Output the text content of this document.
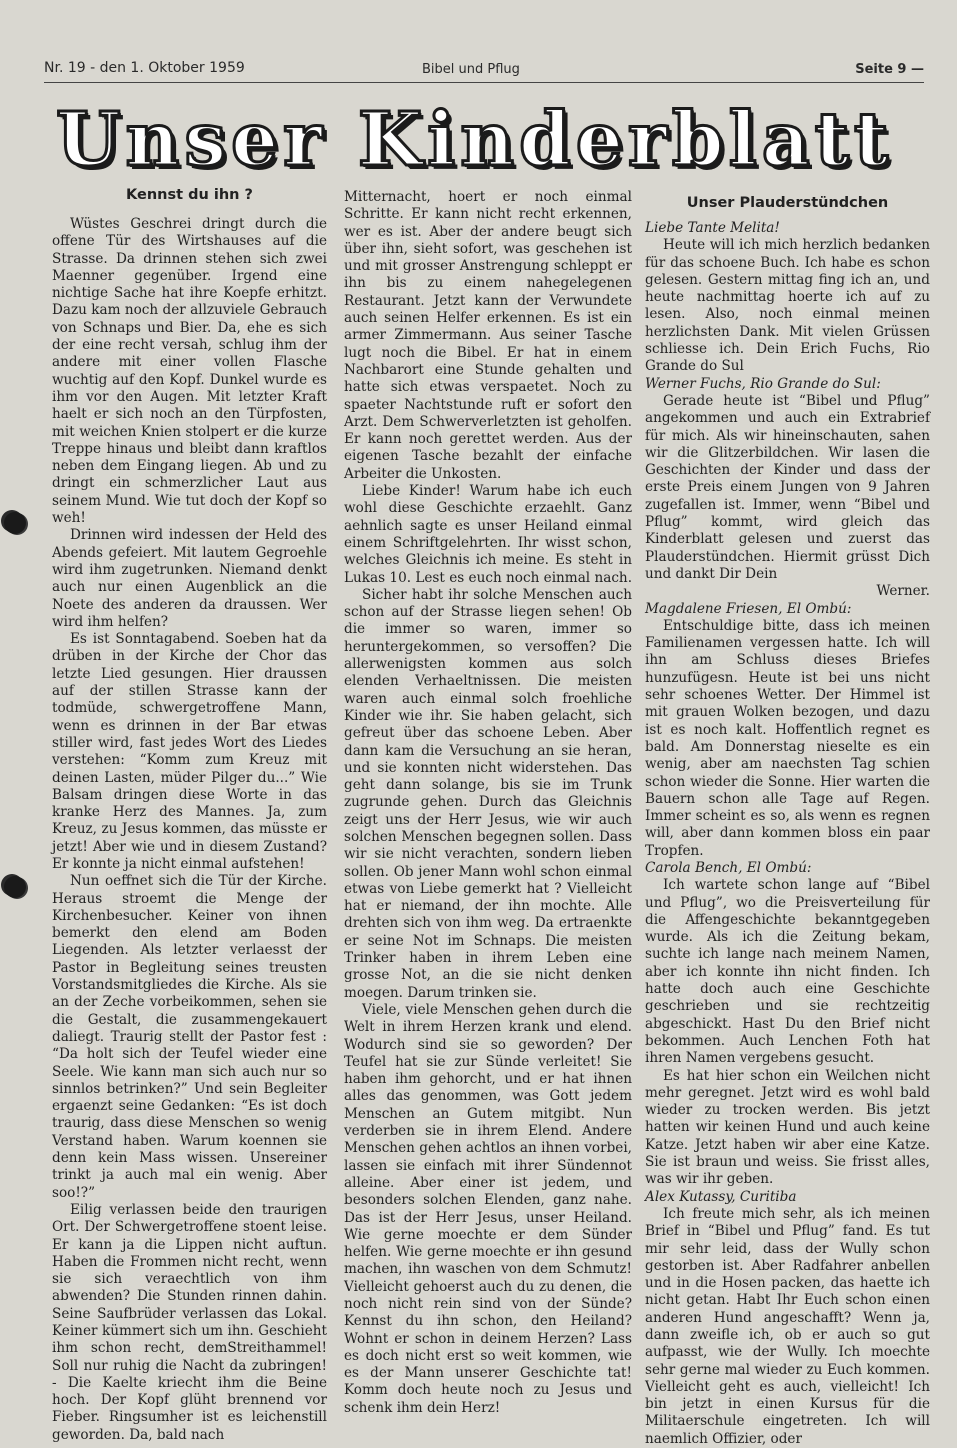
Nr. 19 - den 1. Oktober 1959	Bibel und Pflug	Seite 9 —
Unser Kinderblatt
Kennst du ihn ?

Wüstes Geschrei dringt durch die offene Tür des Wirtshauses auf die Strasse. Da drinnen stehen sich zwei Maenner gegenüber. Irgend eine nichtige Sache hat ihre Koepfe erhitzt. Dazu kam noch der allzuviele Gebrauch von Schnaps und Bier. Da, ehe es sich der eine recht versah, schlug ihm der andere mit einer vollen Flasche wuchtig auf den Kopf. Dunkel wurde es ihm vor den Augen. Mit letzter Kraft haelt er sich noch an den Türpfosten, mit weichen Knien stolpert er die kurze Treppe hinaus und bleibt dann kraftlos neben dem Eingang liegen. Ab und zu dringt ein schmerzlicher Laut aus seinem Mund. Wie tut doch der Kopf so weh!

Drinnen wird indessen der Held des Abends gefeiert. Mit lautem Gegroehle wird ihm zugetrunken. Niemand denkt auch nur einen Augenblick an die Noete des anderen da draussen. Wer wird ihm helfen?

Es ist Sonntagabend. Soeben hat da drüben in der Kirche der Chor das letzte Lied gesungen. Hier draussen auf der stillen Strasse kann der todmüde, schwergetroffene Mann, wenn es drinnen in der Bar etwas stiller wird, fast jedes Wort des Liedes verstehen: “Komm zum Kreuz mit deinen Lasten, müder Pilger du...” Wie Balsam dringen diese Worte in das kranke Herz des Mannes. Ja, zum Kreuz, zu Jesus kommen, das müsste er jetzt! Aber wie und in diesem Zustand? Er konnte ja nicht einmal aufstehen!

Nun oeffnet sich die Tür der Kirche. Heraus stroemt die Menge der Kirchenbesucher. Keiner von ihnen bemerkt den elend am Boden Liegenden. Als letzter verlaesst der Pastor in Begleitung seines treusten Vorstandsmitgliedes die Kirche. Als sie an der Zeche vorbeikommen, sehen sie die Gestalt, die zusammengekauert daliegt. Traurig stellt der Pastor fest : “Da holt sich der Teufel wieder eine Seele. Wie kann man sich auch nur so sinnlos betrinken?” Und sein Begleiter ergaenzt seine Gedanken: “Es ist doch traurig, dass diese Menschen so wenig Verstand haben. Warum koennen sie denn kein Mass wissen. Unsereiner trinkt ja auch mal ein wenig. Aber soo!?”

Eilig verlassen beide den traurigen Ort. Der Schwergetroffene stoent leise. Er kann ja die Lippen nicht auftun. Haben die Frommen nicht recht, wenn sie sich veraechtlich von ihm abwenden? Die Stunden rinnen dahin. Seine Saufbrüder verlassen das Lokal. Keiner kümmert sich um ihn. Geschieht ihm schon recht, demStreithammel! Soll nur ruhig die Nacht da zubringen! - Die Kaelte kriecht ihm die Beine hoch. Der Kopf glüht brennend vor Fieber. Ringsumher ist es leichenstill geworden. Da, bald nach

Mitternacht, hoert er noch einmal Schritte. Er kann nicht recht erkennen, wer es ist. Aber der andere beugt sich über ihn, sieht sofort, was geschehen ist und mit grosser Anstrengung schleppt er ihn bis zu einem nahegelegenen Restaurant. Jetzt kann der Verwundete auch seinen Helfer erkennen. Es ist ein armer Zimmermann. Aus seiner Tasche lugt noch die Bibel. Er hat in einem Nachbarort eine Stunde gehalten und hatte sich etwas verspaetet. Noch zu spaeter Nachtstunde ruft er sofort den Arzt. Dem Schwerverletzten ist geholfen. Er kann noch gerettet werden. Aus der eigenen Tasche bezahlt der einfache Arbeiter die Unkosten.

Liebe Kinder! Warum habe ich euch wohl diese Geschichte erzaehlt. Ganz aehnlich sagte es unser Heiland einmal einem Schriftgelehrten. Ihr wisst schon, welches Gleichnis ich meine. Es steht in Lukas 10. Lest es euch noch einmal nach.

Sicher habt ihr solche Menschen auch schon auf der Strasse liegen sehen! Ob die immer so waren, immer so heruntergekommen, so versoffen? Die allerwenigsten kommen aus solch elenden Verhaeltnissen. Die meisten waren auch einmal solch froehliche Kinder wie ihr. Sie haben gelacht, sich gefreut über das schoene Leben. Aber dann kam die Versuchung an sie heran, und sie konnten nicht widerstehen. Das geht dann solange, bis sie im Trunk zugrunde gehen. Durch das Gleichnis zeigt uns der Herr Jesus, wie wir auch solchen Menschen begegnen sollen. Dass wir sie nicht verachten, sondern lieben sollen. Ob jener Mann wohl schon einmal etwas von Liebe gemerkt hat ? Vielleicht hat er niemand, der ihn mochte. Alle drehten sich von ihm weg. Da ertraenkte er seine Not im Schnaps. Die meisten Trinker haben in ihrem Leben eine grosse Not, an die sie nicht denken moegen. Darum trinken sie.

Viele, viele Menschen gehen durch die Welt in ihrem Herzen krank und elend. Wodurch sind sie so geworden? Der Teufel hat sie zur Sünde verleitet! Sie haben ihm gehorcht, und er hat ihnen alles das genommen, was Gott jedem Menschen an Gutem mitgibt. Nun verderben sie in ihrem Elend. Andere Menschen gehen achtlos an ihnen vorbei, lassen sie einfach mit ihrer Sündennot alleine. Aber einer ist jedem, und besonders solchen Elenden, ganz nahe. Das ist der Herr Jesus, unser Heiland. Wie gerne moechte er dem Sünder helfen. Wie gerne moechte er ihn gesund machen, ihn waschen von dem Schmutz! Vielleicht gehoerst auch du zu denen, die noch nicht rein sind von der Sünde? Kennst du ihn schon, den Heiland? Wohnt er schon in deinem Herzen? Lass es doch nicht erst so weit kommen, wie es der Mann unserer Geschichte tat! Komm doch heute noch zu Jesus und schenk ihm dein Herz!

Unser Plauderstündchen

Liebe Tante Melita!

Heute will ich mich herzlich bedanken für das schoene Buch. Ich habe es schon gelesen. Gestern mittag fing ich an, und heute nachmittag hoerte ich auf zu lesen. Also, noch einmal meinen herzlichsten Dank. Mit vielen Grüssen schliesse ich. Dein Erich Fuchs, Rio Grande do Sul

Werner Fuchs, Rio Grande do Sul:

Gerade heute ist “Bibel und Pflug” angekommen und auch ein Extrabrief für mich. Als wir hineinschauten, sahen wir die Glitzerbildchen. Wir lasen die Geschichten der Kinder und dass der erste Preis einem Jungen von 9 Jahren zugefallen ist. Immer, wenn “Bibel und Pflug” kommt, wird gleich das Kinderblatt gelesen und zuerst das Plauderstündchen. Hiermit grüsst Dich und dankt Dir Dein

Werner.

Magdalene Friesen, El Ombú:

Entschuldige bitte, dass ich meinen Familienamen vergessen hatte. Ich will ihn am Schluss dieses Briefes hunzufügesn. Heute ist bei uns nicht sehr schoenes Wetter. Der Himmel ist mit grauen Wolken bezogen, und dazu ist es noch kalt. Hoffentlich regnet es bald. Am Donnerstag nieselte es ein wenig, aber am naechsten Tag schien schon wieder die Sonne. Hier warten die Bauern schon alle Tage auf Regen. Immer scheint es so, als wenn es regnen will, aber dann kommen bloss ein paar Tropfen.

Carola Bench, El Ombú:

Ich wartete schon lange auf “Bibel und Pflug”, wo die Preisverteilung für die Affengeschichte bekanntgegeben wurde. Als ich die Zeitung bekam, suchte ich lange nach meinem Namen, aber ich konnte ihn nicht finden. Ich hatte doch auch eine Geschichte geschrieben und sie rechtzeitig abgeschickt. Hast Du den Brief nicht bekommen. Auch Lenchen Foth hat ihren Namen vergebens gesucht.

Es hat hier schon ein Weilchen nicht mehr geregnet. Jetzt wird es wohl bald wieder zu trocken werden. Bis jetzt hatten wir keinen Hund und auch keine Katze. Jetzt haben wir aber eine Katze. Sie ist braun und weiss. Sie frisst alles, was wir ihr geben.

Alex Kutassy, Curitiba

Ich freute mich sehr, als ich meinen Brief in “Bibel und Pflug” fand. Es tut mir sehr leid, dass der Wully schon gestorben ist. Aber Radfahrer anbellen und in die Hosen packen, das haette ich nicht getan. Habt Ihr Euch schon einen anderen Hund angeschafft? Wenn ja, dann zweifle ich, ob er auch so gut aufpasst, wie der Wully. Ich moechte sehr gerne mal wieder zu Euch kommen. Vielleicht geht es auch, vielleicht! Ich bin jetzt in einen Kursus für die Militaerschule eingetreten. Ich will naemlich Offizier, oder
